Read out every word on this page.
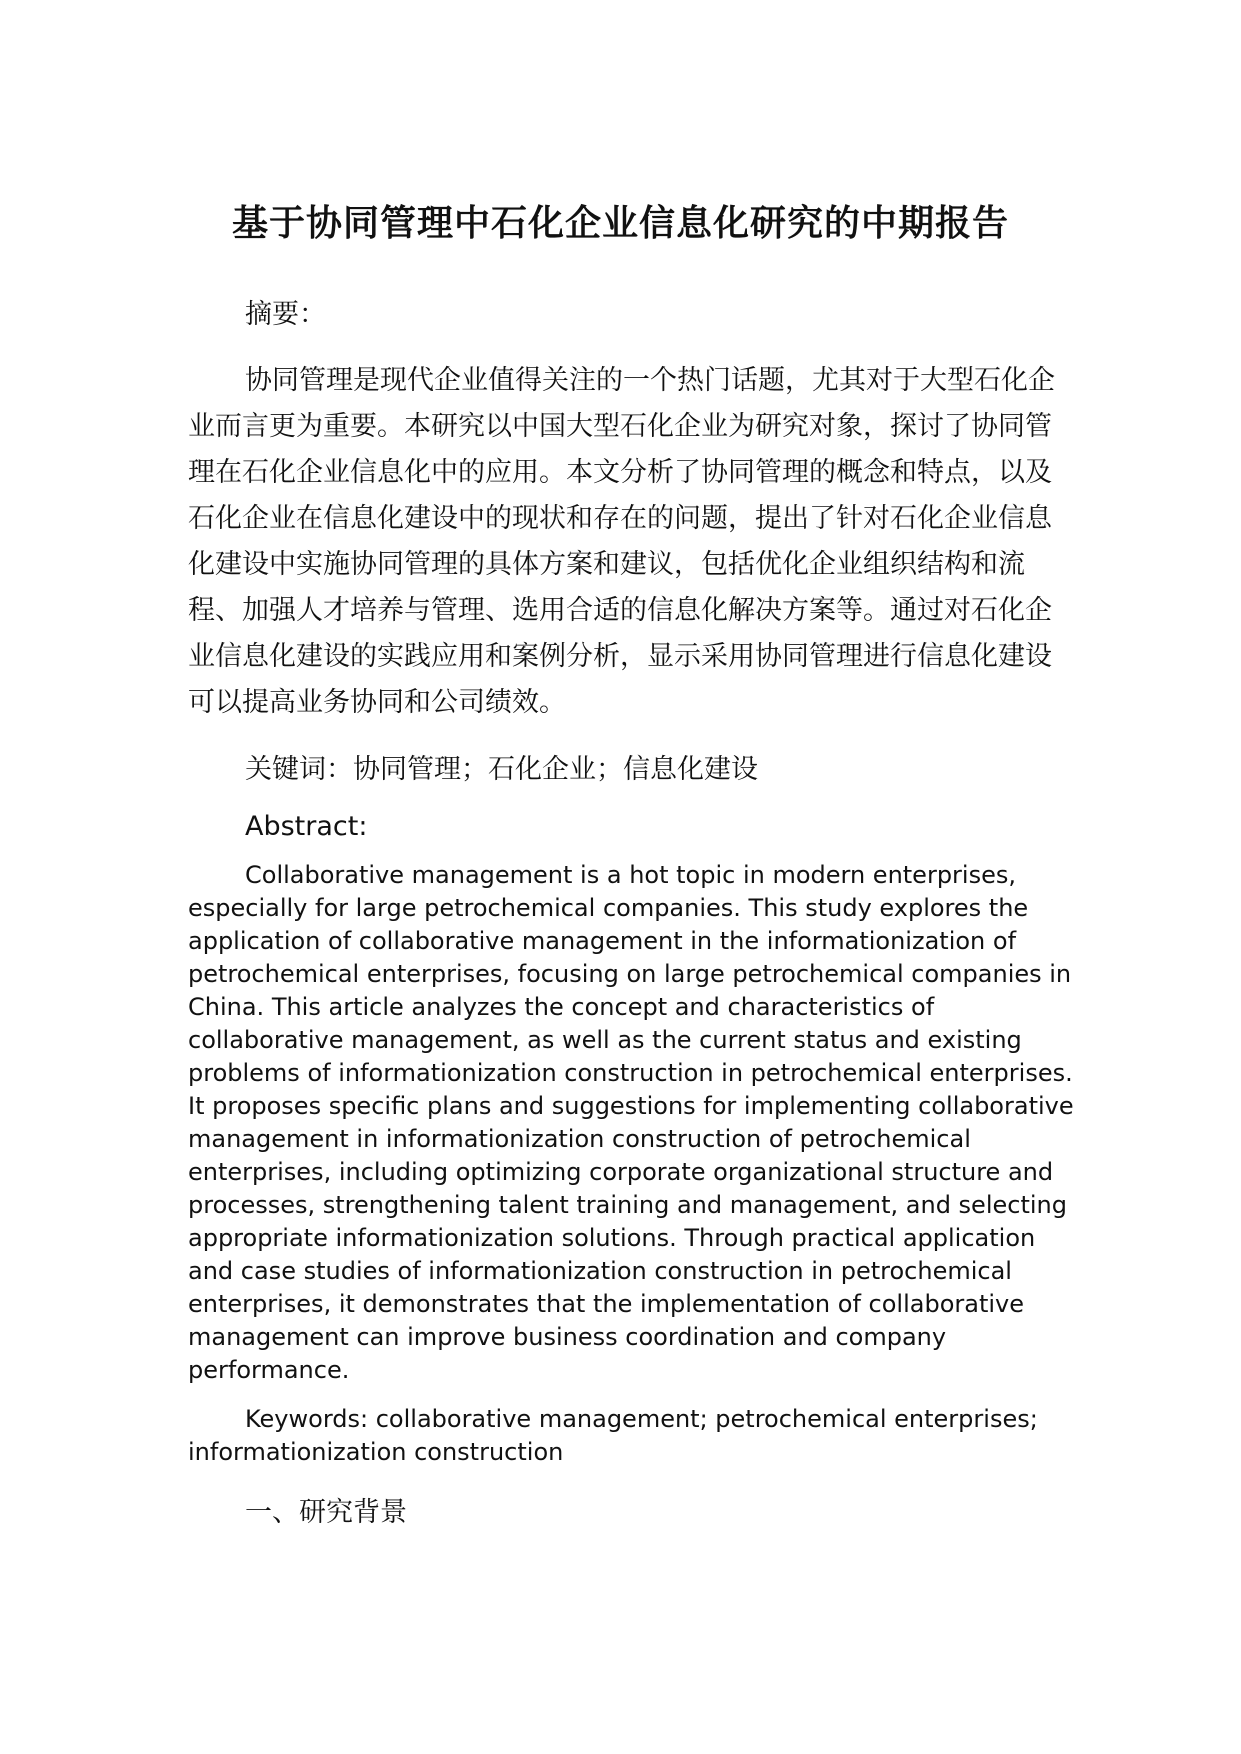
基于协同管理中石化企业信息化研究的中期报告

摘要：

协同管理是现代企业值得关注的一个热门话题，尤其对于大型石化企业而言更为重要。本研究以中国大型石化企业为研究对象，探讨了协同管理在石化企业信息化中的应用。本文分析了协同管理的概念和特点，以及石化企业在信息化建设中的现状和存在的问题，提出了针对石化企业信息化建设中实施协同管理的具体方案和建议，包括优化企业组织结构和流程、加强人才培养与管理、选用合适的信息化解决方案等。通过对石化企业信息化建设的实践应用和案例分析，显示采用协同管理进行信息化建设可以提高业务协同和公司绩效。

关键词：协同管理；石化企业；信息化建设

Abstract:

Collaborative management is a hot topic in modern enterprises, especially for large petrochemical companies. This study explores the application of collaborative management in the informationization of petrochemical enterprises, focusing on large petrochemical companies in China. This article analyzes the concept and characteristics of collaborative management, as well as the current status and existing problems of informationization construction in petrochemical enterprises. It proposes specific plans and suggestions for implementing collaborative management in informationization construction of petrochemical enterprises, including optimizing corporate organizational structure and processes, strengthening talent training and management, and selecting appropriate informationization solutions. Through practical application and case studies of informationization construction in petrochemical enterprises, it demonstrates that the implementation of collaborative management can improve business coordination and company performance.

Keywords: collaborative management; petrochemical enterprises; informationization construction

一、研究背景
